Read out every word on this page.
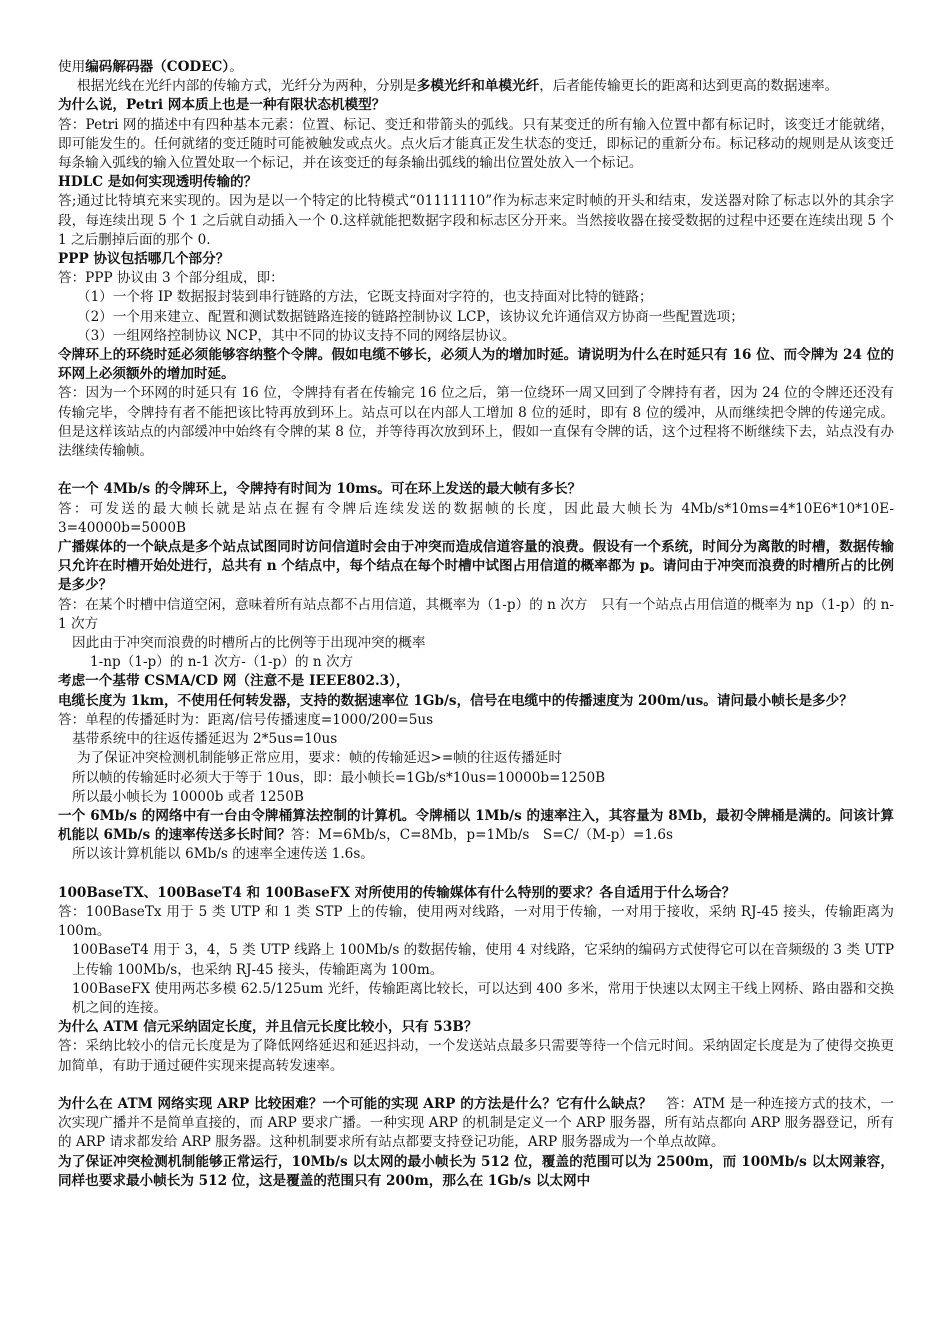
使用编码解码器（CODEC）。

根据光线在光纤内部的传输方式，光纤分为两种，分别是多模光纤和单模光纤，后者能传输更长的距离和达到更高的数据速率。

为什么说，Petri 网本质上也是一种有限状态机模型？

答：Petri 网的描述中有四种基本元素：位置、标记、变迁和带箭头的弧线。只有某变迁的所有输入位置中都有标记时，该变迁才能就绪，即可能发生的。任何就绪的变迁随时可能被触发或点火。点火后才能真正发生状态的变迁，即标记的重新分布。标记移动的规则是从该变迁每条输入弧线的输入位置处取一个标记，并在该变迁的每条输出弧线的输出位置处放入一个标记。

HDLC 是如何实现透明传输的？

答;通过比特填充来实现的。因为是以一个特定的比特模式“01111110”作为标志来定时帧的开头和结束，发送器对除了标志以外的其余字段，每连续出现 5 个 1 之后就自动插入一个 0.这样就能把数据字段和标志区分开来。当然接收器在接受数据的过程中还要在连续出现 5 个 1 之后删掉后面的那个 0.

PPP 协议包括哪几个部分？

答：PPP 协议由 3 个部分组成，即：

（1）一个将 IP 数据报封装到串行链路的方法，它既支持面对字符的，也支持面对比特的链路；

（2）一个用来建立、配置和测试数据链路连接的链路控制协议 LCP，该协议允许通信双方协商一些配置选项；

（3）一组网络控制协议 NCP，其中不同的协议支持不同的网络层协议。

令牌环上的环绕时延必须能够容纳整个令牌。假如电缆不够长，必须人为的增加时延。请说明为什么在时延只有 16 位、而令牌为 24 位的环网上必须额外的增加时延。

答：因为一个环网的时延只有 16 位，令牌持有者在传输完 16 位之后，第一位绕环一周又回到了令牌持有者，因为 24 位的令牌还还没有传输完毕，令牌持有者不能把该比特再放到环上。站点可以在内部人工增加 8 位的延时，即有 8 位的缓冲，从而继续把令牌的传递完成。但是这样该站点的内部缓冲中始终有令牌的某 8 位，并等待再次放到环上，假如一直保有令牌的话，这个过程将不断继续下去，站点没有办法继续传输帧。

在一个 4Mb/s 的令牌环上，令牌持有时间为 10ms。可在环上发送的最大帧有多长？

答：可发送的最大帧长就是站点在握有令牌后连续发送的数据帧的长度，因此最大帧长为 4Mb/s*10ms=4*10E6*10*10E-3=40000b=5000B

广播媒体的一个缺点是多个站点试图同时访问信道时会由于冲突而造成信道容量的浪费。假设有一个系统，时间分为离散的时槽，数据传输只允许在时槽开始处进行，总共有 n 个结点中，每个结点在每个时槽中试图占用信道的概率都为 p。请问由于冲突而浪费的时槽所占的比例是多少？

答：在某个时槽中信道空闲，意味着所有站点都不占用信道，其概率为（1-p）的 n 次方　只有一个站点占用信道的概率为 np（1-p）的 n-1 次方

因此由于冲突而浪费的时槽所占的比例等于出现冲突的概率

1-np（1-p）的 n-1 次方-（1-p）的 n 次方

考虑一个基带 CSMA/CD 网（注意不是 IEEE802.3），

电缆长度为 1km，不使用任何转发器，支持的数据速率位 1Gb/s，信号在电缆中的传播速度为 200m/us。请问最小帧长是多少？

答：单程的传播延时为：距离/信号传播速度=1000/200=5us

基带系统中的往返传播延迟为 2*5us=10us

为了保证冲突检测机制能够正常应用，要求：帧的传输延迟>=帧的往返传播延时

所以帧的传输延时必须大于等于 10us，即：最小帧长=1Gb/s*10us=10000b=1250B

所以最小帧长为 10000b 或者 1250B

一个 6Mb/s 的网络中有一台由令牌桶算法控制的计算机。令牌桶以 1Mb/s 的速率注入，其容量为 8Mb，最初令牌桶是满的。问该计算机能以 6Mb/s 的速率传送多长时间？答：M=6Mb/s，C=8Mb，p=1Mb/s　S=C/（M-p）=1.6s

所以该计算机能以 6Mb/s 的速率全速传送 1.6s。

100BaseTX、100BaseT4 和 100BaseFX 对所使用的传输媒体有什么特别的要求？各自适用于什么场合？

答：100BaseTx 用于 5 类 UTP 和 1 类 STP 上的传输，使用两对线路，一对用于传输，一对用于接收，采纳 RJ-45 接头，传输距离为 100m。

100BaseT4 用于 3，4，5 类 UTP 线路上 100Mb/s 的数据传输，使用 4 对线路，它采纳的编码方式使得它可以在音频级的 3 类 UTP 上传输 100Mb/s，也采纳 RJ-45 接头，传输距离为 100m。

100BaseFX 使用两芯多模 62.5/125um 光纤，传输距离比较长，可以达到 400 多米，常用于快速以太网主干线上网桥、路由器和交换机之间的连接。

为什么 ATM 信元采纳固定长度，并且信元长度比较小，只有 53B？

答：采纳比较小的信元长度是为了降低网络延迟和延迟抖动，一个发送站点最多只需要等待一个信元时间。采纳固定长度是为了使得交换更加简单，有助于通过硬件实现来提高转发速率。

为什么在 ATM 网络实现 ARP 比较困难？一个可能的实现 ARP 的方法是什么？它有什么缺点？　答：ATM 是一种连接方式的技术，一次实现广播并不是简单直接的，而 ARP 要求广播。一种实现 ARP 的机制是定义一个 ARP 服务器，所有站点都向 ARP 服务器登记，所有的 ARP 请求都发给 ARP 服务器。这种机制要求所有站点都要支持登记功能，ARP 服务器成为一个单点故障。

为了保证冲突检测机制能够正常运行，10Mb/s 以太网的最小帧长为 512 位，覆盖的范围可以为 2500m，而 100Mb/s 以太网兼容，同样也要求最小帧长为 512 位，这是覆盖的范围只有 200m，那么在 1Gb/s 以太网中
